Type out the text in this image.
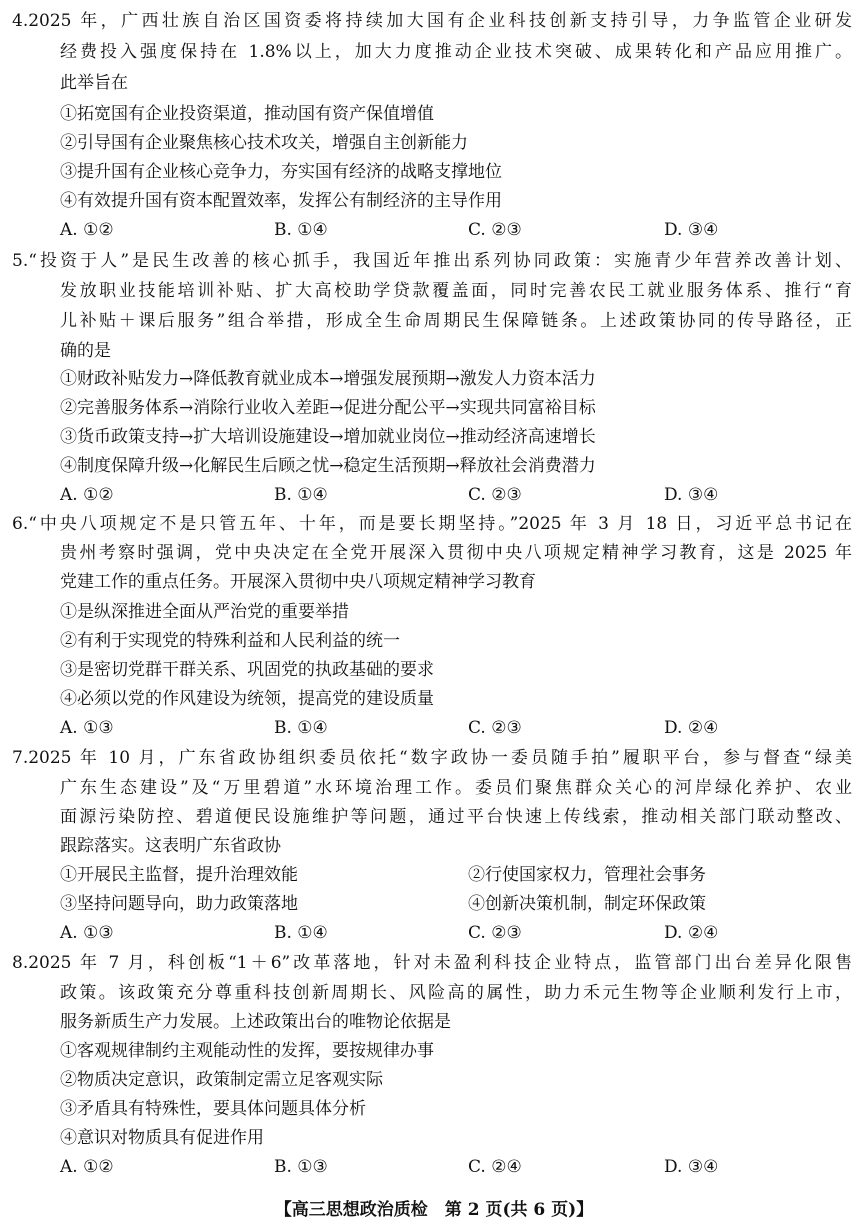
4.2025 年，广西壮族自治区国资委将持续加大国有企业科技创新支持引导，力争监管企业研发
经费投入强度保持在 1.8%以上，加大力度推动企业技术突破、成果转化和产品应用推广。
此举旨在
①拓宽国有企业投资渠道，推动国有资产保值增值
②引导国有企业聚焦核心技术攻关，增强自主创新能力
③提升国有企业核心竞争力，夯实国有经济的战略支撑地位
④有效提升国有资本配置效率，发挥公有制经济的主导作用
A. ①②	B. ①④	C. ②③	D. ③④
5.“投资于人”是民生改善的核心抓手，我国近年推出系列协同政策：实施青少年营养改善计划、
发放职业技能培训补贴、扩大高校助学贷款覆盖面，同时完善农民工就业服务体系、推行“育
儿补贴＋课后服务”组合举措，形成全生命周期民生保障链条。上述政策协同的传导路径，正
确的是
①财政补贴发力→降低教育就业成本→增强发展预期→激发人力资本活力
②完善服务体系→消除行业收入差距→促进分配公平→实现共同富裕目标
③货币政策支持→扩大培训设施建设→增加就业岗位→推动经济高速增长
④制度保障升级→化解民生后顾之忧→稳定生活预期→释放社会消费潜力
A. ①②	B. ①④	C. ②③	D. ③④
6.“中央八项规定不是只管五年、十年，而是要长期坚持。”2025 年 3 月 18 日，习近平总书记在
贵州考察时强调，党中央决定在全党开展深入贯彻中央八项规定精神学习教育，这是 2025 年
党建工作的重点任务。开展深入贯彻中央八项规定精神学习教育
①是纵深推进全面从严治党的重要举措
②有利于实现党的特殊利益和人民利益的统一
③是密切党群干群关系、巩固党的执政基础的要求
④必须以党的作风建设为统领，提高党的建设质量
A. ①③	B. ①④	C. ②③	D. ②④
7.2025 年 10 月，广东省政协组织委员依托“数字政协一委员随手拍”履职平台，参与督查“绿美
广东生态建设”及“万里碧道”水环境治理工作。委员们聚焦群众关心的河岸绿化养护、农业
面源污染防控、碧道便民设施维护等问题，通过平台快速上传线索，推动相关部门联动整改、
跟踪落实。这表明广东省政协
①开展民主监督，提升治理效能	②行使国家权力，管理社会事务
③坚持问题导向，助力政策落地	④创新决策机制，制定环保政策
A. ①③	B. ①④	C. ②③	D. ②④
8.2025 年 7 月，科创板“1＋6”改革落地，针对未盈利科技企业特点，监管部门出台差异化限售
政策。该政策充分尊重科技创新周期长、风险高的属性，助力禾元生物等企业顺利发行上市，
服务新质生产力发展。上述政策出台的唯物论依据是
①客观规律制约主观能动性的发挥，要按规律办事
②物质决定意识，政策制定需立足客观实际
③矛盾具有特殊性，要具体问题具体分析
④意识对物质具有促进作用
A. ①②	B. ①③	C. ②④	D. ③④
【高三思想政治质检　第 2 页(共 6 页)】
